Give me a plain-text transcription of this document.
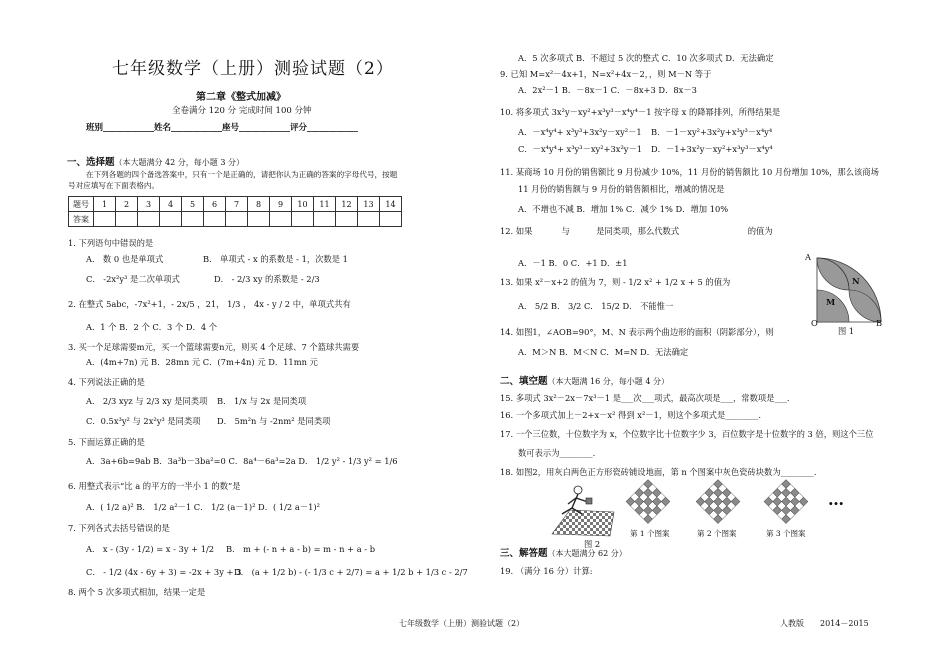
七年级数学（上册）测验试题（2）
第二章《整式加减》
全卷满分 120 分 完成时间 100 分钟
班别____________姓名____________座号____________评分____________
一、选择题（本大题满分 42 分，每小题 3 分）
在下列各题的四个备选答案中，只有一个是正确的，请把你认为正确的答案的字母代号，按题
号对应填写在下面表格内。
题号	1	2	3	4	5	6	7	8	9	10	11	12	13	14
答案														
1. 下列语句中错误的是
A． 数 0 也是单项式	B． 单项式 - x 的系数是 - 1，次数是 1
C． -2x²y³ 是二次单项式	D． - 2/3 xy 的系数是 - 2/3
2. 在整式 5abc，-7x²+1，- 2x/5 ，21， 1/3 ， 4x - y / 2 中，单项式共有
A．1 个 B．2 个 C．3 个 D．4 个
3. 买一个足球需要m元，买一个篮球需要n元，则买 4 个足球、7 个篮球共需要
A．(4m+7n) 元 B．28mn 元 C．(7m+4n) 元 D．11mn 元
4. 下列说法正确的是
A． 2/3 xyz 与 2/3 xy 是同类项 B． 1/x 与 2x 是同类项
C．0.5x³y² 与 2x²y³ 是同类项 D． 5m²n 与 -2nm² 是同类项
5. 下面运算正确的是
A．3a+6b=9ab B．3a³b－3ba²=0 C．8a⁴－6a³=2a D． 1/2 y² - 1/3 y² = 1/6
6. 用整式表示“比 a 的平方的一半小 1 的数”是
A．( 1/2 a)² B． 1/2 a²－1 C． 1/2 (a－1)² D．( 1/2 a－1)²
7. 下列各式去括号错误的是
A． x - (3y - 1/2) = x - 3y + 1/2 B． m + (- n + a - b) = m - n + a - b
C． - 1/2 (4x - 6y + 3) = -2x + 3y + 3
D． (a + 1/2 b) - (- 1/3 c + 2/7) = a + 1/2 b + 1/3 c - 2/7
8. 两个 5 次多项式相加，结果一定是
A．5 次多项式 B．不超过 5 次的整式 C．10 次多项式 D．无法确定
9. 已知 M=x²－4x+1，N=x²+4x－2，，则 M－N 等于
A．2x²－1 B．－8x－1 C．－8x+3 D．8x－3
10. 将多项式 3x²y－xy²+x³y³－x⁴y⁴－1 按字母 x 的降幂排列，所得结果是
A．－x⁴y⁴+ x³y³+3x²y－xy²－1 B．－1－xy²+3x²y+x³y³－x⁴y⁴
C．－x⁴y⁴+ x³y³－xy²+3x²y－1 D．－1+3x²y－xy²+x³y³－x⁴y⁴
11. 某商场 10 月份的销售额比 9 月份减少 10%，11 月份的销售额比 10 月份增加 10%，那么该商场
11 月份的销售额与 9 月份的销售额相比，增减的情况是
A．不增也不减 B．增加 1% C．减少 1% D．增加 10%
12. 如果	与	是同类项，那么代数式	的值为
A．－1 B．0 C．+1 D．±1
13. 如果 x²－x+2 的值为 7，则 - 1/2 x² + 1/2 x + 5 的值为
A． 5/2 B． 3/2 C． 15/2 D． 不能惟一
14. 如图1，∠AOB=90°，M、N 表示两个曲边形的面积（阴影部分），则
A．M＞N B．M＜N C．M=N D．无法确定
A
N
M
O	B
图 1
二、填空题（本大题满 16 分，每小题 4 分）
15. 多项式 3x²－2x－7x³－1 是___次___项式，最高次项是___，常数项是___.
16. 一个多项式加上－2+x－x² 得到 x²－1，则这个多项式是________.
17. 一个三位数，十位数字为 x，个位数字比十位数字少 3，百位数字是十位数字的 3 倍，则这个三位
数可表示为________.
18. 如图2，用灰白两色正方形瓷砖铺设地面，第 n 个图案中灰色瓷砖块数为________.
图 2
第 1 个图案	第 2 个图案	第 3 个图案
…
三、解答题（本大题满分 62 分）
19. （满分 16 分）计算:
七年级数学（上册）测验试题（2）	人教版 2014－2015
